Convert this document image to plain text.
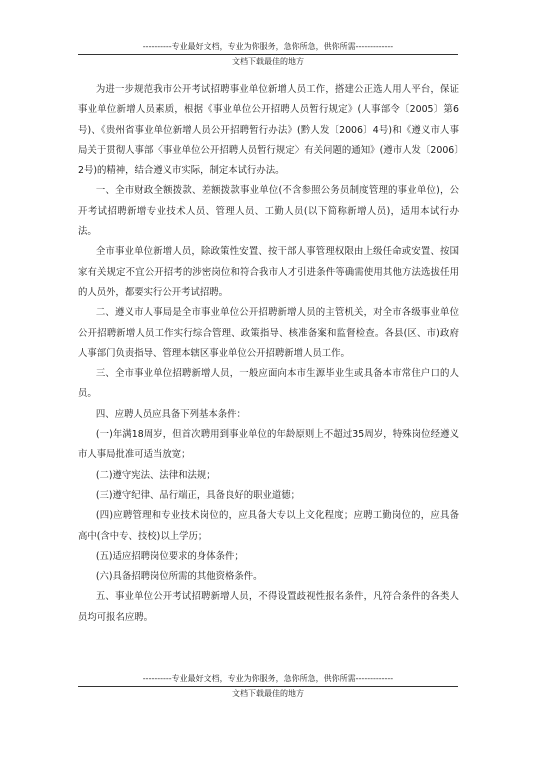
----------专业最好文档，专业为你服务，急你所急，供你所需-------------
文档下载最佳的地方

为进一步规范我市公开考试招聘事业单位新增人员工作，搭建公正选人用人平台，保证事业单位新增人员素质，根据《事业单位公开招聘人员暂行规定》(人事部令〔2005〕第6号)、《贵州省事业单位新增人员公开招聘暂行办法》(黔人发〔2006〕4号)和《遵义市人事局关于贯彻人事部〈事业单位公开招聘人员暂行规定〉有关问题的通知》(遵市人发〔2006〕2号)的精神，结合遵义市实际，制定本试行办法。

一、全市财政全额拨款、差额拨款事业单位(不含参照公务员制度管理的事业单位)，公开考试招聘新增专业技术人员、管理人员、工勤人员(以下简称新增人员)，适用本试行办法。

全市事业单位新增人员，除政策性安置、按干部人事管理权限由上级任命或安置、按国家有关规定不宜公开招考的涉密岗位和符合我市人才引进条件等确需使用其他方法选拔任用的人员外，都要实行公开考试招聘。

二、遵义市人事局是全市事业单位公开招聘新增人员的主管机关，对全市各级事业单位公开招聘新增人员工作实行综合管理、政策指导、核准备案和监督检查。各县(区、市)政府人事部门负责指导、管理本辖区事业单位公开招聘新增人员工作。

三、全市事业单位招聘新增人员，一般应面向本市生源毕业生或具备本市常住户口的人员。

四、应聘人员应具备下列基本条件：

(一)年满18周岁，但首次聘用到事业单位的年龄原则上不超过35周岁，特殊岗位经遵义市人事局批准可适当放宽；

(二)遵守宪法、法律和法规；

(三)遵守纪律、品行端正，具备良好的职业道德；

(四)应聘管理和专业技术岗位的，应具备大专以上文化程度；应聘工勤岗位的，应具备高中(含中专、技校)以上学历；

(五)适应招聘岗位要求的身体条件；

(六)具备招聘岗位所需的其他资格条件。

五、事业单位公开考试招聘新增人员，不得设置歧视性报名条件，凡符合条件的各类人员均可报名应聘。

----------专业最好文档，专业为你服务，急你所急，供你所需-------------
文档下载最佳的地方
